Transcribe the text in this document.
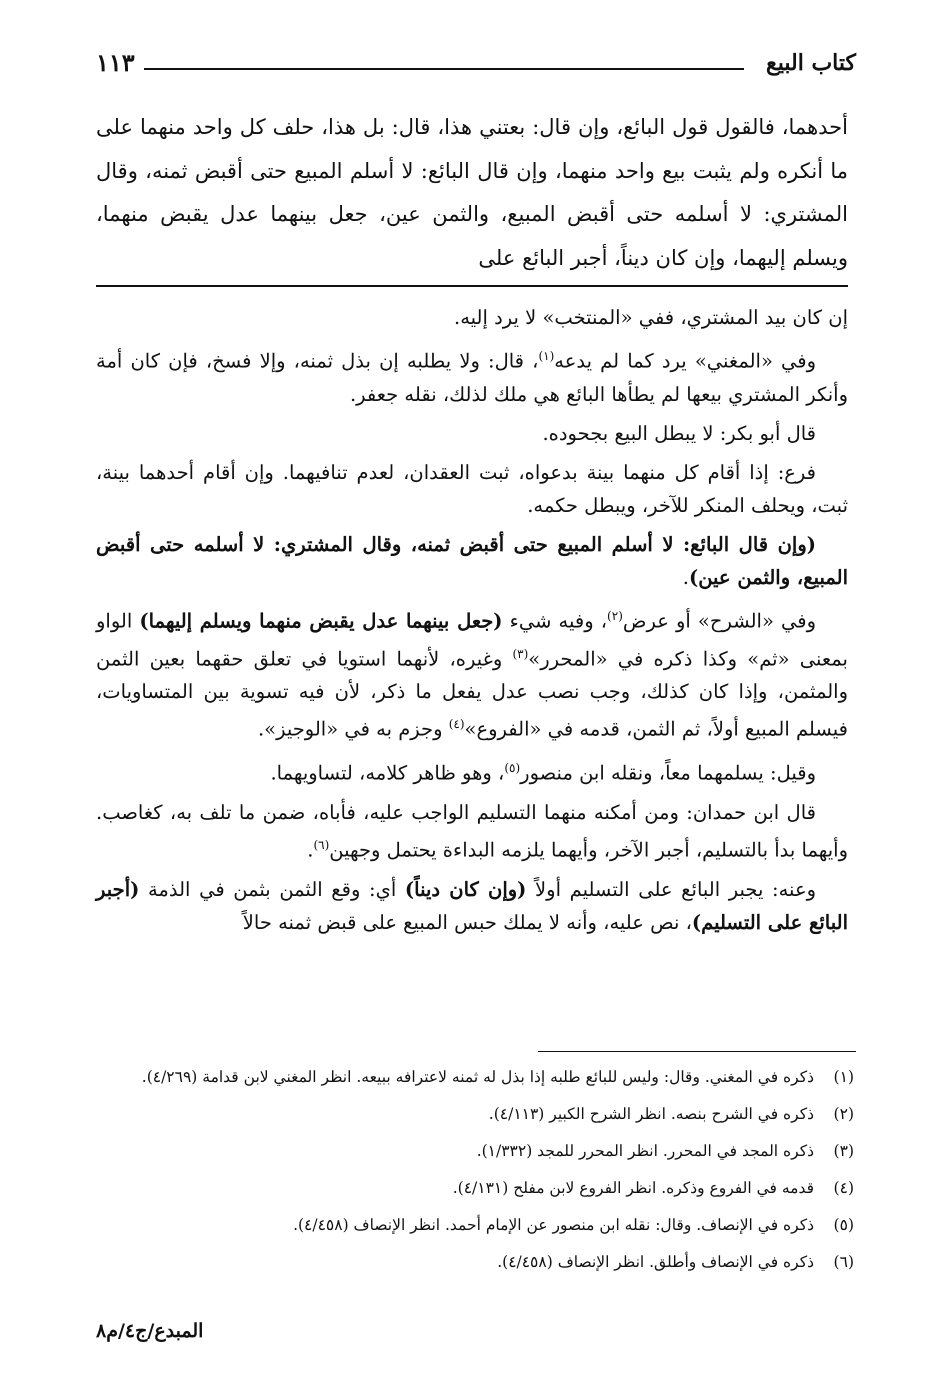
كتاب البيع
١١٣
أحدهما، فالقول قول البائع، وإن قال: بعتني هذا، قال: بل هذا، حلف كل واحد منهما على ما أنكره ولم يثبت بيع واحد منهما، وإن قال البائع: لا أسلم المبيع حتى أقبض ثمنه، وقال المشتري: لا أسلمه حتى أقبض المبيع، والثمن عين، جعل بينهما عدل يقبض منهما، ويسلم إليهما، وإن كان ديناً، أجبر البائع على

إن كان بيد المشتري، ففي «المنتخب» لا يرد إليه.

وفي «المغني» يرد كما لم يدعه$^{(١)}$، قال: ولا يطلبه إن بذل ثمنه، وإلا فسخ، فإن كان أمة وأنكر المشتري بيعها لم يطأها البائع هي ملك لذلك، نقله جعفر.

قال أبو بكر: لا يبطل البيع بجحوده.

فرع: إذا أقام كل منهما بينة بدعواه، ثبت العقدان، لعدم تنافيهما. وإن أقام أحدهما بينة، ثبت، ويحلف المنكر للآخر، ويبطل حكمه.

(وإن قال البائع: لا أسلم المبيع حتى أقبض ثمنه، وقال المشتري: لا أسلمه حتى أقبض المبيع، والثمن عين).

وفي «الشرح» أو عرض$^{(٢)}$، وفيه شيء (جعل بينهما عدل يقبض منهما ويسلم إليهما) الواو بمعنى «ثم» وكذا ذكره في «المحرر»$^{(٣)}$ وغيره، لأنهما استويا في تعلق حقهما بعين الثمن والمثمن، وإذا كان كذلك، وجب نصب عدل يفعل ما ذكر، لأن فيه تسوية بين المتساويات، فيسلم المبيع أولاً، ثم الثمن، قدمه في «الفروع»$^{(٤)}$ وجزم به في «الوجيز».

وقيل: يسلمهما معاً، ونقله ابن منصور$^{(٥)}$، وهو ظاهر كلامه، لتساويهما.

قال ابن حمدان: ومن أمكنه منهما التسليم الواجب عليه، فأباه، ضمن ما تلف به، كغاصب. وأيهما بدأ بالتسليم، أجبر الآخر، وأيهما يلزمه البداءة يحتمل وجهين$^{(٦)}$.

وعنه: يجبر البائع على التسليم أولاً (وإن كان ديناً) أي: وقع الثمن بثمن في الذمة (أجبر البائع على التسليم)، نص عليه، وأنه لا يملك حبس المبيع على قبض ثمنه حالاً

(١)
ذكره في المغني. وقال: وليس للبائع طلبه إذا بذل له ثمنه لاعترافه ببيعه. انظر المغني لابن قدامة (٤/٢٦٩).
(٢)
ذكره في الشرح بنصه. انظر الشرح الكبير (٤/١١٣).
(٣)
ذكره المجد في المحرر. انظر المحرر للمجد (١/٣٣٢).
(٤)
قدمه في الفروع وذكره. انظر الفروع لابن مفلح (٤/١٣١).
(٥)
ذكره في الإنصاف. وقال: نقله ابن منصور عن الإمام أحمد. انظر الإنصاف (٤/٤٥٨).
(٦)
ذكره في الإنصاف وأطلق. انظر الإنصاف (٤/٤٥٨).
المبدع/ج٤/م٨
